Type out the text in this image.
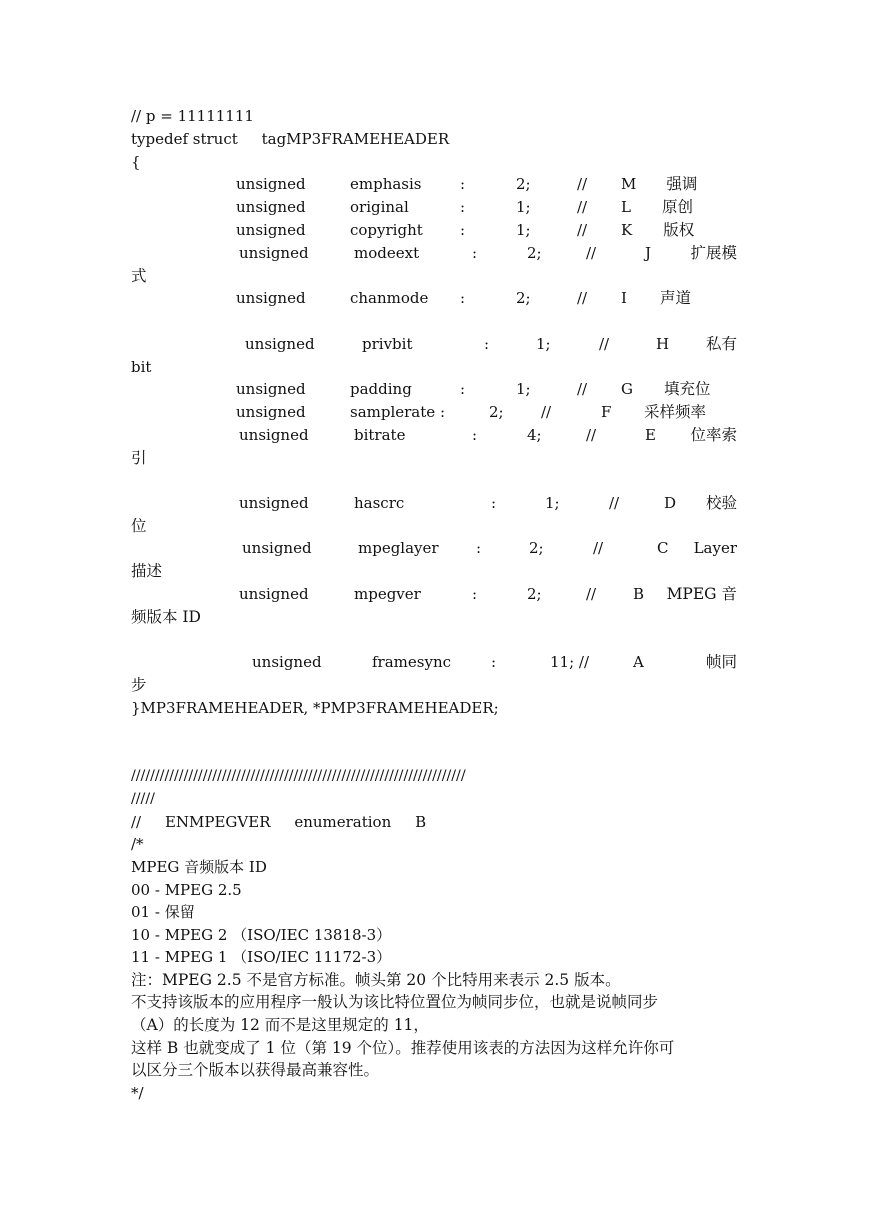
// p = 11111111
typedef struct     tagMP3FRAMEHEADER
{
unsigned	emphasis	:	2;	//	M 强调
unsigned	original	:	1;	//	L 原创
unsigned	copyright	:	1;	//	K 版权
unsigned	modeext	:	2;	//	J	扩展模
式
unsigned	chanmode	:	2;	//	I 声道
unsigned	privbit	:	1;	//	H 私有
bit
unsigned	padding	:	1;	//	G 填充位
unsigned	samplerate :	2;	//	F	采样频率
unsigned	bitrate	:	4;	//	E 位率索
引
unsigned	hascrc	:	1;	//	D 校验
位
unsigned	mpeglayer	:	2;	//	C Layer
描述
unsigned	mpegver	:	2;	//	B MPEG 音
频版本 ID
unsigned	framesync	:	11; //	A	帧同
步
}MP3FRAMEHEADER, *PMP3FRAMEHEADER;
//////////////////////////////////////////////////////////////////////
/////
//     ENMPEGVER     enumeration     B
/*
MPEG 音频版本 ID
00 - MPEG 2.5
01 - 保留
10 - MPEG 2 （ISO/IEC 13818-3）
11 - MPEG 1 （ISO/IEC 11172-3）
注：MPEG 2.5 不是官方标准。帧头第 20 个比特用来表示 2.5 版本。
不支持该版本的应用程序一般认为该比特位置位为帧同步位，也就是说帧同步
（A）的长度为 12 而不是这里规定的 11，
这样 B 也就变成了 1 位（第 19 个位）。推荐使用该表的方法因为这样允许你可
以区分三个版本以获得最高兼容性。
*/
